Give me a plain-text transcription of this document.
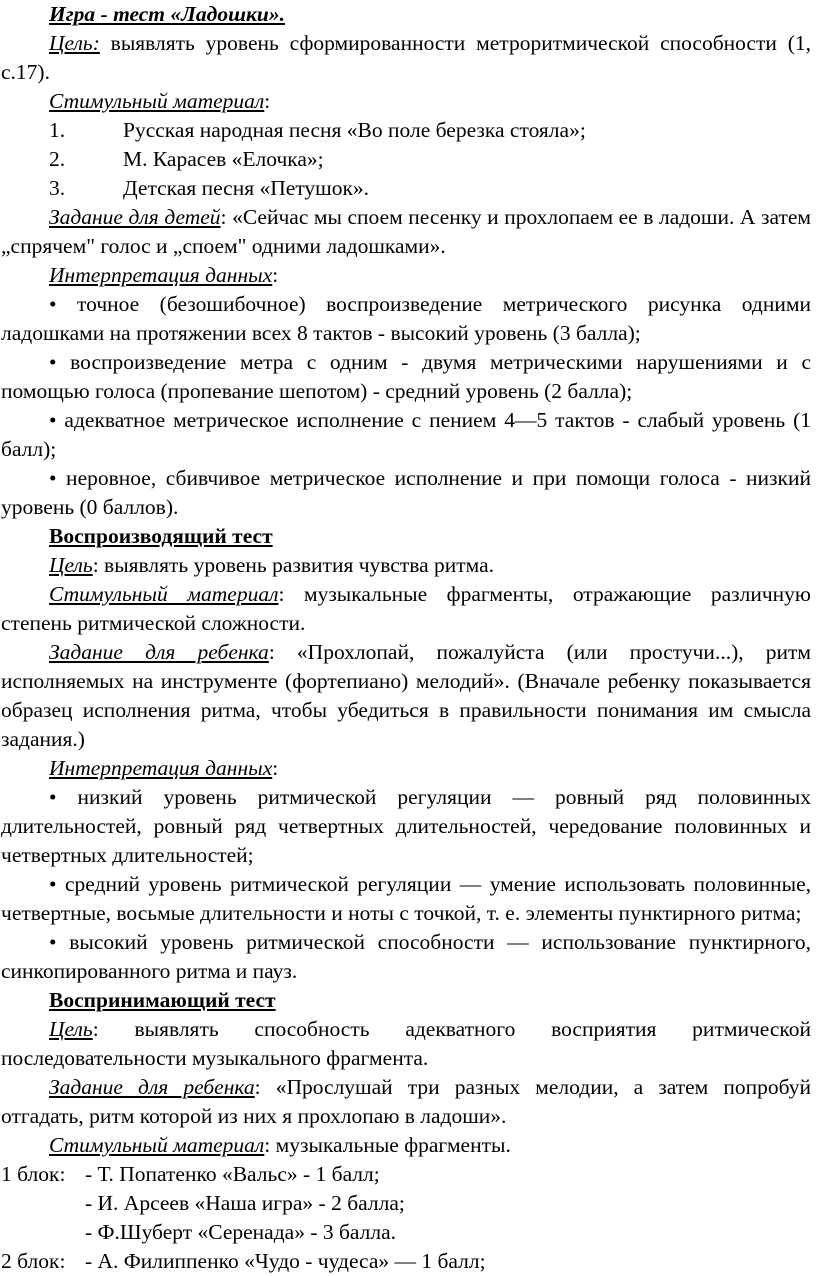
Игра - тест «Ладошки».

Цель: выявлять уровень сформированности метроритмической способности (1, с.17).

Стимульный материал:

1.	Русская народная песня «Во поле березка стояла»;
2.	М. Карасев «Елочка»;
3.	Детская песня «Петушок».

Задание для детей: «Сейчас мы споем песенку и прохлопаем ее в ладоши. А затем „спрячем" голос и „споем" одними ладошками».

Интерпретация данных:

• точное (безошибочное) воспроизведение метрического рисунка одними ладошками на протяжении всех 8 тактов - высокий уровень (3 балла);

• воспроизведение метра с одним - двумя метрическими нарушениями и с помощью голоса (пропевание шепотом) - средний уровень (2 балла);

• адекватное метрическое исполнение с пением 4—5 тактов - слабый уровень (1 балл);

• неровное, сбивчивое метрическое исполнение и при помощи голоса - низкий уровень (0 баллов).

Воспроизводящий тест

Цель: выявлять уровень развития чувства ритма.

Стимульный материал: музыкальные фрагменты, отражающие различную степень ритмической сложности.

Задание для ребенка: «Прохлопай, пожалуйста (или простучи...), ритм исполняемых на инструменте (фортепиано) мелодий». (Вначале ребенку показывается образец исполнения ритма, чтобы убедиться в правильности понимания им смысла задания.)

Интерпретация данных:

• низкий уровень ритмической регуляции — ровный ряд половинных длительностей, ровный ряд четвертных длительностей, чередование половинных и четвертных длительностей;

• средний уровень ритмической регуляции — умение использовать половинные, четвертные, восьмые длительности и ноты с точкой, т. е. элементы пунктирного ритма;

• высокий уровень ритмической способности — использование пунктирного, синкопированного ритма и пауз.

Воспринимающий тест

Цель: выявлять способность адекватного восприятия ритмической последовательности музыкального фрагмента.

Задание для ребенка: «Прослушай три разных мелодии, а затем попробуй отгадать, ритм которой из них я прохлопаю в ладоши».

Стимульный материал: музыкальные фрагменты.

1 блок: - Т. Попатенко «Вальс» - 1 балл;
- И. Арсеев «Наша игра» - 2 балла;
- Ф.Шуберт «Серенада» - 3 балла.
2 блок: - А. Филиппенко «Чудо - чудеса» — 1 балл;
